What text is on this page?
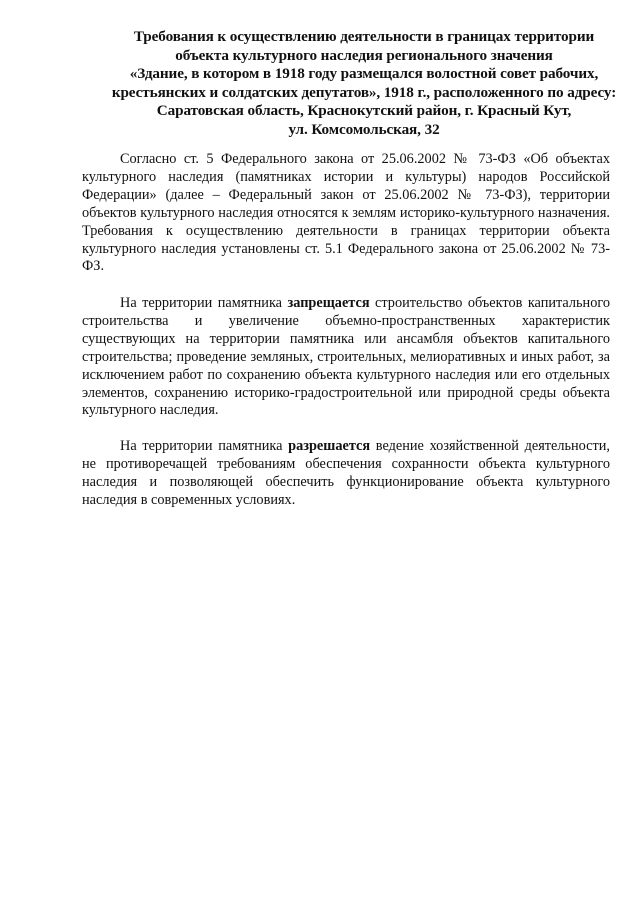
Требования к осуществлению деятельности в границах территории
объекта культурного наследия регионального значения
«Здание, в котором в 1918 году размещался волостной совет рабочих,
крестьянских и солдатских депутатов», 1918 г., расположенного по адресу:
Саратовская область, Краснокутский район, г. Красный Кут,
ул. Комсомольская, 32

Согласно ст. 5 Федерального закона от 25.06.2002 № 73-ФЗ «Об объектах культурного наследия (памятниках истории и культуры) народов Российской Федерации» (далее – Федеральный закон от 25.06.2002 № 73-ФЗ), территории объектов культурного наследия относятся к землям историко-культурного назначения. Требования к осуществлению деятельности в границах территории объекта культурного наследия установлены ст. 5.1 Федерального закона от 25.06.2002 № 73-ФЗ.

На территории памятника запрещается строительство объектов капитального строительства и увеличение объемно-пространственных характеристик существующих на территории памятника или ансамбля объектов капитального строительства; проведение земляных, строительных, мелиоративных и иных работ, за исключением работ по сохранению объекта культурного наследия или его отдельных элементов, сохранению историко-градостроительной или природной среды объекта культурного наследия.

На территории памятника разрешается ведение хозяйственной деятельности, не противоречащей требованиям обеспечения сохранности объекта культурного наследия и позволяющей обеспечить функционирование объекта культурного наследия в современных условиях.
